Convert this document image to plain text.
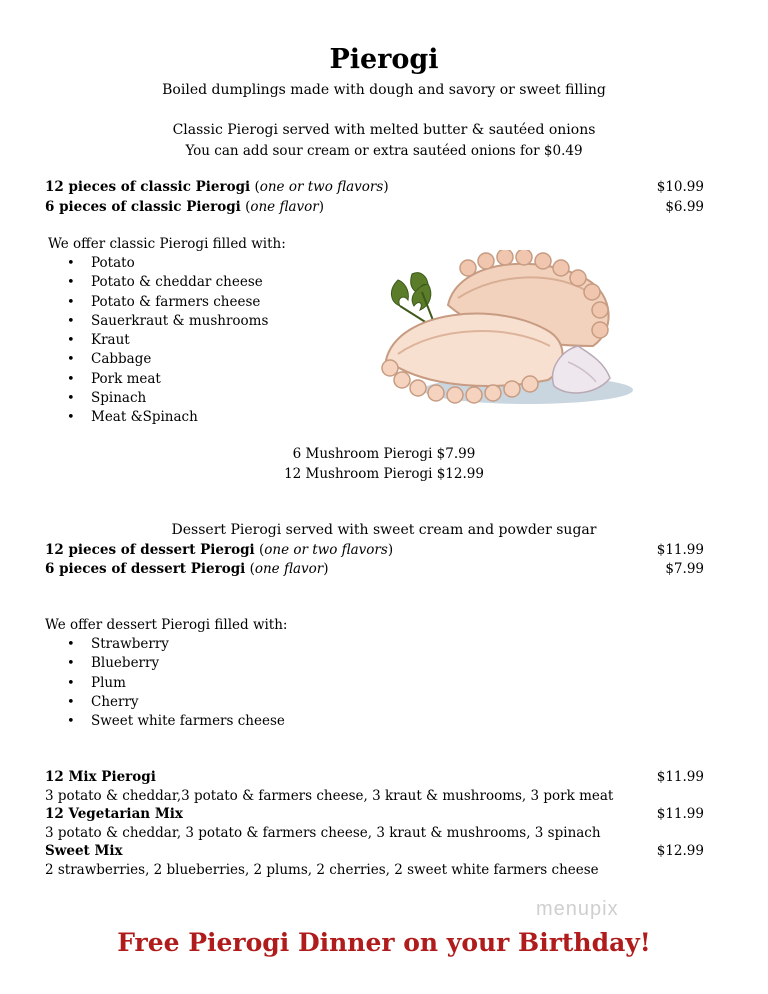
Pierogi
Boiled dumplings made with dough and savory or sweet filling
Classic Pierogi served with melted butter & sautéed onions
You can add sour cream or extra sautéed onions for $0.49
12 pieces of classic Pierogi (one or two flavors)	$10.99
6 pieces of classic Pierogi (one flavor)	$6.99
We offer classic Pierogi filled with:
• Potato
• Potato & cheddar cheese
• Potato & farmers cheese
• Sauerkraut & mushrooms
• Kraut
• Cabbage
• Pork meat
• Spinach
• Meat &Spinach
6 Mushroom Pierogi $7.99
12 Mushroom Pierogi $12.99
Dessert Pierogi served with sweet cream and powder sugar
12 pieces of dessert Pierogi (one or two flavors)	$11.99
6 pieces of dessert Pierogi (one flavor)	$7.99
We offer dessert Pierogi filled with:
• Strawberry
• Blueberry
• Plum
• Cherry
• Sweet white farmers cheese
12 Mix Pierogi	$11.99
3 potato & cheddar,3 potato & farmers cheese, 3 kraut & mushrooms, 3 pork meat
12 Vegetarian Mix	$11.99
3 potato & cheddar, 3 potato & farmers cheese, 3 kraut & mushrooms, 3 spinach
Sweet Mix	$12.99
2 strawberries, 2 blueberries, 2 plums, 2 cherries, 2 sweet white farmers cheese
menupix
Free Pierogi Dinner on your Birthday!
